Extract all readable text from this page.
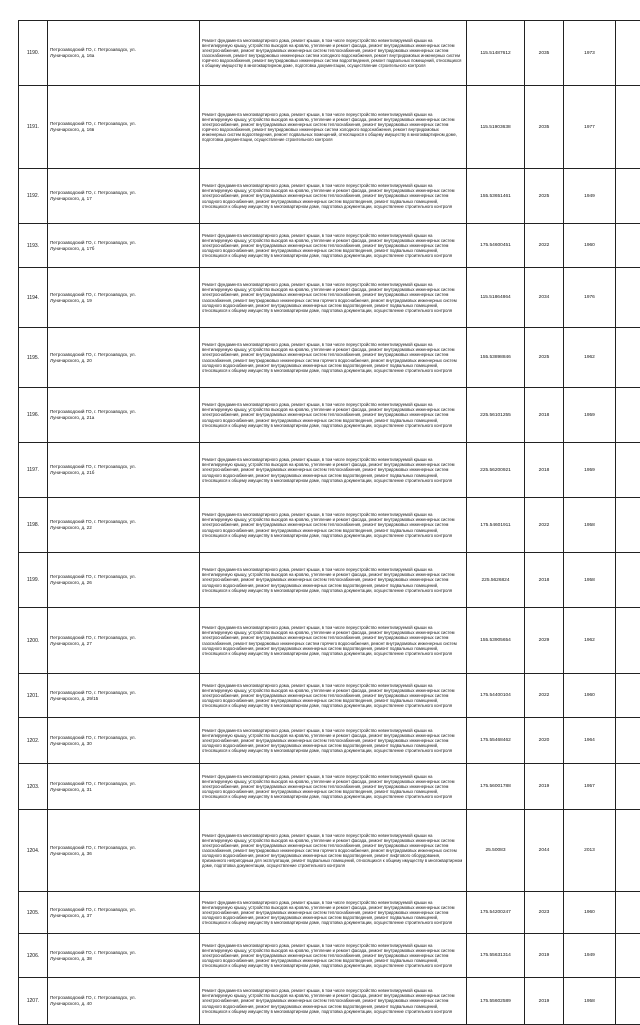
1190.	Петрозаводский ГО, г. Петрозаводск, ул.
Луначарского, д. 16а	Ремонт фундамента многоквартирного дома, ремонт крыши, в том числе переустройство невентилируемой крыши на вентилируемую крышу, устройство выходов на кровлю, утепление и ремонт фасада, ремонт внутридомовых инженерных систем электроснабжения, ремонт внутридомовых инженерных систем теплоснабжения, ремонт внутридомовых инженерных систем газоснабжения, ремонт внутридомовых инженерных систем холодного водоснабжения, ремонт внутридомовых инженерных систем горячего водоснабжения, ремонт внутридомовых инженерных систем водоотведения, ремонт подвальных помещений, относящихся к общему имуществу в многоквартирном доме, подготовка документации, осуществление строительного контроля	115.51487612	2035	1973	
1191.	Петрозаводский ГО, г. Петрозаводск, ул.
Луначарского, д. 16в	Ремонт фундамента многоквартирного дома, ремонт крыши, в том числе переустройство невентилируемой крыши на вентилируемую крышу, устройство выходов на кровлю, утепление и ремонт фасада, ремонт внутридомовых инженерных систем электроснабжения, ремонт внутридомовых инженерных систем теплоснабжения, ремонт внутридомовых инженерных систем горячего водоснабжения, ремонт внутридомовых инженерных систем холодного водоснабжения, ремонт внутридомовых инженерных систем водоотведения, ремонт подвальных помещений, относящихся к общему имуществу в многоквартирном доме, подготовка документации, осуществление строительного контроля	115.51903638	2035	1977	
1192.	Петрозаводский ГО, г. Петрозаводск, ул.
Луначарского, д. 17	Ремонт фундамента многоквартирного дома, ремонт крыши, в том числе переустройство невентилируемой крыши на вентилируемую крышу, устройство выходов на кровлю, утепление и ремонт фасада, ремонт внутридомовых инженерных систем электроснабжения, ремонт внутридомовых инженерных систем теплоснабжения, ремонт внутридомовых инженерных систем холодного водоснабжения, ремонт внутридомовых инженерных систем водоотведения, ремонт подвальных помещений, относящихся к общему имуществу в многоквартирном доме, подготовка документации, осуществление строительного контроля	155.53651461	2025	1949	
1193.	Петрозаводский ГО, г. Петрозаводск, ул.
Луначарского, д. 17б	Ремонт фундамента многоквартирного дома, ремонт крыши, в том числе переустройство невентилируемой крыши на вентилируемую крышу, устройство выходов на кровлю, утепление и ремонт фасада, ремонт внутридомовых инженерных систем электроснабжения, ремонт внутридомовых инженерных систем теплоснабжения, ремонт внутридомовых инженерных систем холодного водоснабжения, ремонт внутридомовых инженерных систем водоотведения, ремонт подвальных помещений, относящихся к общему имуществу в многоквартирном доме, подготовка документации, осуществление строительного контроля	175.54600451	2022	1960	
1194.	Петрозаводский ГО, г. Петрозаводск, ул.
Луначарского, д. 19	Ремонт фундамента многоквартирного дома, ремонт крыши, в том числе переустройство невентилируемой крыши на вентилируемую крышу, устройство выходов на кровлю, утепление и ремонт фасада, ремонт внутридомовых инженерных систем электроснабжения, ремонт внутридомовых инженерных систем теплоснабжения, ремонт внутридомовых инженерных систем газоснабжения, ремонт внутридомовых инженерных систем горячего водоснабжения, ремонт внутридомовых инженерных систем холодного водоснабжения, ремонт внутридомовых инженерных систем водоотведения, ремонт подвальных помещений, относящихся к общему имуществу в многоквартирном доме, подготовка документации, осуществление строительного контроля	115.51864864	2034	1976	
1195.	Петрозаводский ГО, г. Петрозаводск, ул.
Луначарского, д. 20	Ремонт фундамента многоквартирного дома, ремонт крыши, в том числе переустройство невентилируемой крыши на вентилируемую крышу, устройство выходов на кровлю, утепление и ремонт фасада, ремонт внутридомовых инженерных систем электроснабжения, ремонт внутридомовых инженерных систем теплоснабжения, ремонт внутридомовых инженерных систем газоснабжения, ремонт внутридомовых инженерных систем горячего водоснабжения, ремонт внутридомовых инженерных систем холодного водоснабжения, ремонт внутридомовых инженерных систем водоотведения, ремонт подвальных помещений, относящихся к общему имуществу в многоквартирном доме, подготовка документации, осуществление строительного контроля	155.53898846	2025	1962	
1196.	Петрозаводский ГО, г. Петрозаводск, ул.
Луначарского, д. 21а	Ремонт фундамента многоквартирного дома, ремонт крыши, в том числе переустройство невентилируемой крыши на вентилируемую крышу, устройство выходов на кровлю, утепление и ремонт фасада, ремонт внутридомовых инженерных систем электроснабжения, ремонт внутридомовых инженерных систем теплоснабжения, ремонт внутридомовых инженерных систем холодного водоснабжения, ремонт внутридомовых инженерных систем водоотведения, ремонт подвальных помещений, относящихся к общему имуществу в многоквартирном доме, подготовка документации, осуществление строительного контроля	225.56101255	2018	1959	
1197.	Петрозаводский ГО, г. Петрозаводск, ул.
Луначарского, д. 21б	Ремонт фундамента многоквартирного дома, ремонт крыши, в том числе переустройство невентилируемой крыши на вентилируемую крышу, устройство выходов на кровлю, утепление и ремонт фасада, ремонт внутридомовых инженерных систем электроснабжения, ремонт внутридомовых инженерных систем теплоснабжения, ремонт внутридомовых инженерных систем холодного водоснабжения, ремонт внутридомовых инженерных систем водоотведения, ремонт подвальных помещений, относящихся к общему имуществу в многоквартирном доме, подготовка документации, осуществление строительного контроля	225.56200921	2018	1959	
1198.	Петрозаводский ГО, г. Петрозаводск, ул.
Луначарского, д. 22	Ремонт фундамента многоквартирного дома, ремонт крыши, в том числе переустройство невентилируемой крыши на вентилируемую крышу, устройство выходов на кровлю, утепление и ремонт фасада, ремонт внутридомовых инженерных систем электроснабжения, ремонт внутридомовых инженерных систем теплоснабжения, ремонт внутридомовых инженерных систем холодного водоснабжения, ремонт внутридомовых инженерных систем водоотведения, ремонт подвальных помещений, относящихся к общему имуществу в многоквартирном доме, подготовка документации, осуществление строительного контроля	175.54601911	2022	1958	
1199.	Петрозаводский ГО, г. Петрозаводск, ул.
Луначарского, д. 26	Ремонт фундамента многоквартирного дома, ремонт крыши, в том числе переустройство невентилируемой крыши на вентилируемую крышу, устройство выходов на кровлю, утепление и ремонт фасада, ремонт внутридомовых инженерных систем электроснабжения, ремонт внутридомовых инженерных систем теплоснабжения, ремонт внутридомовых инженерных систем холодного водоснабжения, ремонт внутридомовых инженерных систем водоотведения, ремонт подвальных помещений, относящихся к общему имуществу в многоквартирном доме, подготовка документации, осуществление строительного контроля	225.5626824	2018	1958	
1200.	Петрозаводский ГО, г. Петрозаводск, ул.
Луначарского, д. 27	Ремонт фундамента многоквартирного дома, ремонт крыши, в том числе переустройство невентилируемой крыши на вентилируемую крышу, устройство выходов на кровлю, утепление и ремонт фасада, ремонт внутридомовых инженерных систем электроснабжения, ремонт внутридомовых инженерных систем теплоснабжения, ремонт внутридомовых инженерных систем газоснабжения, ремонт внутридомовых инженерных систем горячего водоснабжения, ремонт внутридомовых инженерных систем холодного водоснабжения, ремонт внутридомовых инженерных систем водоотведения, ремонт подвальных помещений, относящихся к общему имуществу в многоквартирном доме, подготовка документации, осуществление строительного контроля	155.53905654	2029	1962	
1201.	Петрозаводский ГО, г. Петрозаводск, ул.
Луначарского, д. 29/15	Ремонт фундамента многоквартирного дома, ремонт крыши, в том числе переустройство невентилируемой крыши на вентилируемую крышу, устройство выходов на кровлю, утепление и ремонт фасада, ремонт внутридомовых инженерных систем электроснабжения, ремонт внутридомовых инженерных систем теплоснабжения, ремонт внутридомовых инженерных систем холодного водоснабжения, ремонт внутридомовых инженерных систем водоотведения, ремонт подвальных помещений, относящихся к общему имуществу в многоквартирном доме, подготовка документации, осуществление строительного контроля	175.54400104	2022	1960	
1202.	Петрозаводский ГО, г. Петрозаводск, ул.
Луначарского, д. 30	Ремонт фундамента многоквартирного дома, ремонт крыши, в том числе переустройство невентилируемой крыши на вентилируемую крышу, устройство выходов на кровлю, утепление и ремонт фасада, ремонт внутридомовых инженерных систем электроснабжения, ремонт внутридомовых инженерных систем теплоснабжения, ремонт внутридомовых инженерных систем холодного водоснабжения, ремонт внутридомовых инженерных систем водоотведения, ремонт подвальных помещений, относящихся к общему имуществу в многоквартирном доме, подготовка документации, осуществление строительного контроля	175.55468462	2020	1964	
1203.	Петрозаводский ГО, г. Петрозаводск, ул.
Луначарского, д. 31	Ремонт фундамента многоквартирного дома, ремонт крыши, в том числе переустройство невентилируемой крыши на вентилируемую крышу, устройство выходов на кровлю, утепление и ремонт фасада, ремонт внутридомовых инженерных систем электроснабжения, ремонт внутридомовых инженерных систем теплоснабжения, ремонт внутридомовых инженерных систем холодного водоснабжения, ремонт внутридомовых инженерных систем водоотведения, ремонт подвальных помещений, относящихся к общему имуществу в многоквартирном доме, подготовка документации, осуществление строительного контроля	175.56001788	2019	1957	
1204.	Петрозаводский ГО, г. Петрозаводск, ул.
Луначарского, д. 36	Ремонт фундамента многоквартирного дома, ремонт крыши, в том числе переустройство невентилируемой крыши на вентилируемую крышу, устройство выходов на кровлю, утепление и ремонт фасада, ремонт внутридомовых инженерных систем электроснабжения, ремонт внутридомовых инженерных систем теплоснабжения, ремонт внутридомовых инженерных систем газоснабжения, ремонт внутридомовых инженерных систем горячего водоснабжения, ремонт внутридомовых инженерных систем холодного водоснабжения, ремонт внутридомовых инженерных систем водоотведения, ремонт лифтового оборудования, признанного непригодным для эксплуатации, ремонт подвальных помещений, относящихся к общему имуществу в многоквартирном доме, подготовка документации, осуществление строительного контроля	25.50083	2044	2013	
1205.	Петрозаводский ГО, г. Петрозаводск, ул.
Луначарского, д. 37	Ремонт фундамента многоквартирного дома, ремонт крыши, в том числе переустройство невентилируемой крыши на вентилируемую крышу, устройство выходов на кровлю, утепление и ремонт фасада, ремонт внутридомовых инженерных систем электроснабжения, ремонт внутридомовых инженерных систем теплоснабжения, ремонт внутридомовых инженерных систем холодного водоснабжения, ремонт внутридомовых инженерных систем водоотведения, ремонт подвальных помещений, относящихся к общему имуществу в многоквартирном доме, подготовка документации, осуществление строительного контроля	175.54200247	2023	1960	
1206.	Петрозаводский ГО, г. Петрозаводск, ул.
Луначарского, д. 38	Ремонт фундамента многоквартирного дома, ремонт крыши, в том числе переустройство невентилируемой крыши на вентилируемую крышу, устройство выходов на кровлю, утепление и ремонт фасада, ремонт внутридомовых инженерных систем электроснабжения, ремонт внутридомовых инженерных систем теплоснабжения, ремонт внутридомовых инженерных систем холодного водоснабжения, ремонт внутридомовых инженерных систем водоотведения, ремонт подвальных помещений, относящихся к общему имуществу в многоквартирном доме, подготовка документации, осуществление строительного контроля	175.55631314	2019	1949	
1207.	Петрозаводский ГО, г. Петрозаводск, ул.
Луначарского, д. 40	Ремонт фундамента многоквартирного дома, ремонт крыши, в том числе переустройство невентилируемой крыши на вентилируемую крышу, устройство выходов на кровлю, утепление и ремонт фасада, ремонт внутридомовых инженерных систем электроснабжения, ремонт внутридомовых инженерных систем теплоснабжения, ремонт внутридомовых инженерных систем холодного водоснабжения, ремонт внутридомовых инженерных систем водоотведения, ремонт подвальных помещений, относящихся к общему имуществу в многоквартирном доме, подготовка документации, осуществление строительного контроля	175.55602589	2019	1958	
